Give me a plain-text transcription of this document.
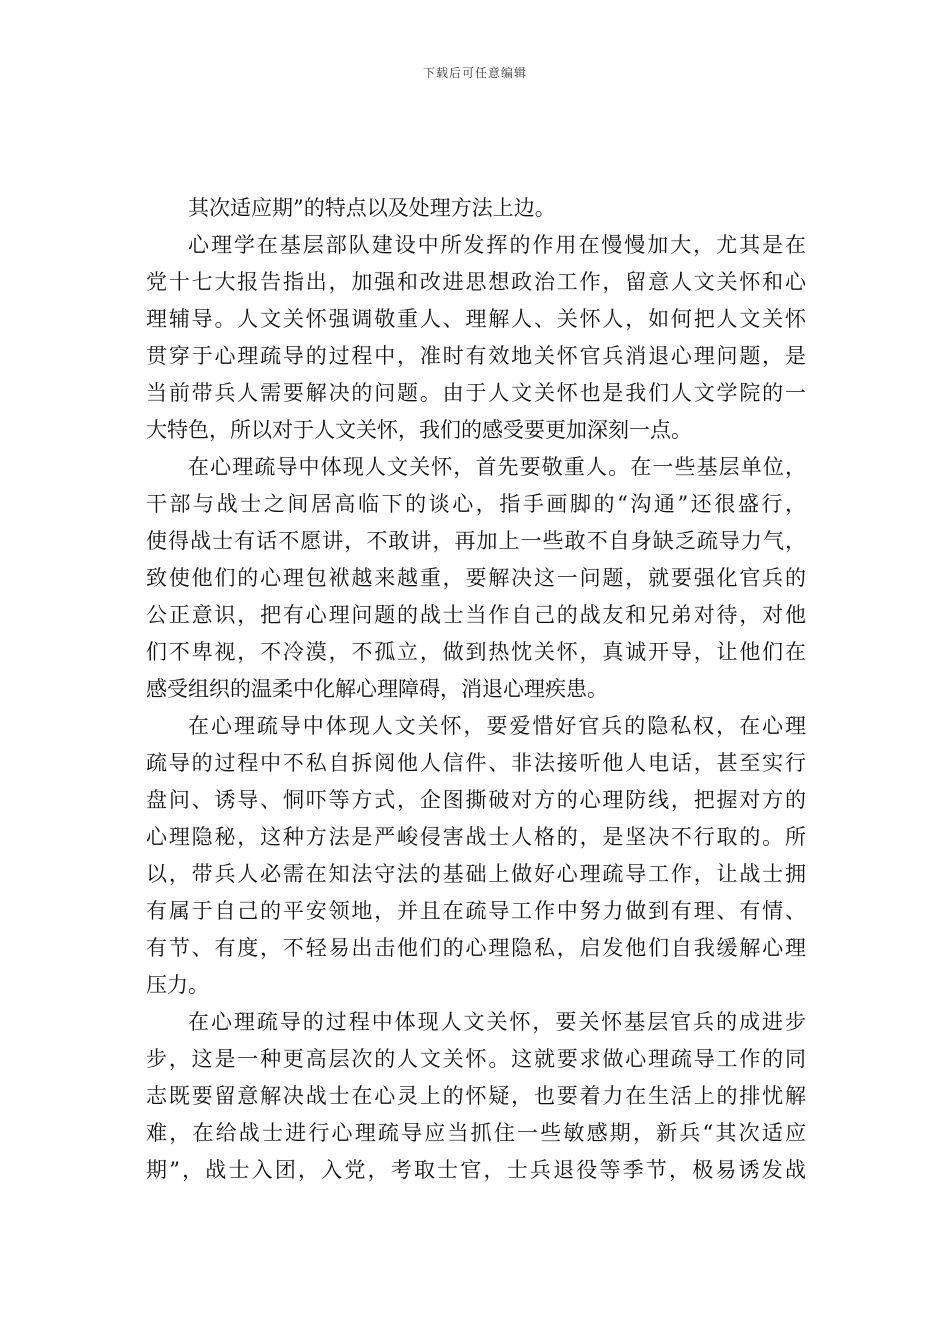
下载后可任意编辑
其次适应期”的特点以及处理方法上边。
心理学在基层部队建设中所发挥的作用在慢慢加大，尤其是在
党十七大报告指出，加强和改进思想政治工作，留意人文关怀和心
理辅导。人文关怀强调敬重人、理解人、关怀人，如何把人文关怀
贯穿于心理疏导的过程中，准时有效地关怀官兵消退心理问题，是
当前带兵人需要解决的问题。由于人文关怀也是我们人文学院的一
大特色，所以对于人文关怀，我们的感受要更加深刻一点。
在心理疏导中体现人文关怀，首先要敬重人。在一些基层单位，
干部与战士之间居高临下的谈心，指手画脚的“沟通”还很盛行，
使得战士有话不愿讲，不敢讲，再加上一些敢不自身缺乏疏导力气，
致使他们的心理包袱越来越重，要解决这一问题，就要强化官兵的
公正意识，把有心理问题的战士当作自己的战友和兄弟对待，对他
们不卑视，不冷漠，不孤立，做到热忱关怀，真诚开导，让他们在
感受组织的温柔中化解心理障碍，消退心理疾患。
在心理疏导中体现人文关怀，要爱惜好官兵的隐私权，在心理
疏导的过程中不私自拆阅他人信件、非法接听他人电话，甚至实行
盘问、诱导、恫吓等方式，企图撕破对方的心理防线，把握对方的
心理隐秘，这种方法是严峻侵害战士人格的，是坚决不行取的。所
以，带兵人必需在知法守法的基础上做好心理疏导工作，让战士拥
有属于自己的平安领地，并且在疏导工作中努力做到有理、有情、
有节、有度，不轻易出击他们的心理隐私，启发他们自我缓解心理
压力。
在心理疏导的过程中体现人文关怀，要关怀基层官兵的成进步
步，这是一种更高层次的人文关怀。这就要求做心理疏导工作的同
志既要留意解决战士在心灵上的怀疑，也要着力在生活上的排忧解
难，在给战士进行心理疏导应当抓住一些敏感期，新兵“其次适应
期”，战士入团，入党，考取士官，士兵退役等季节，极易诱发战
